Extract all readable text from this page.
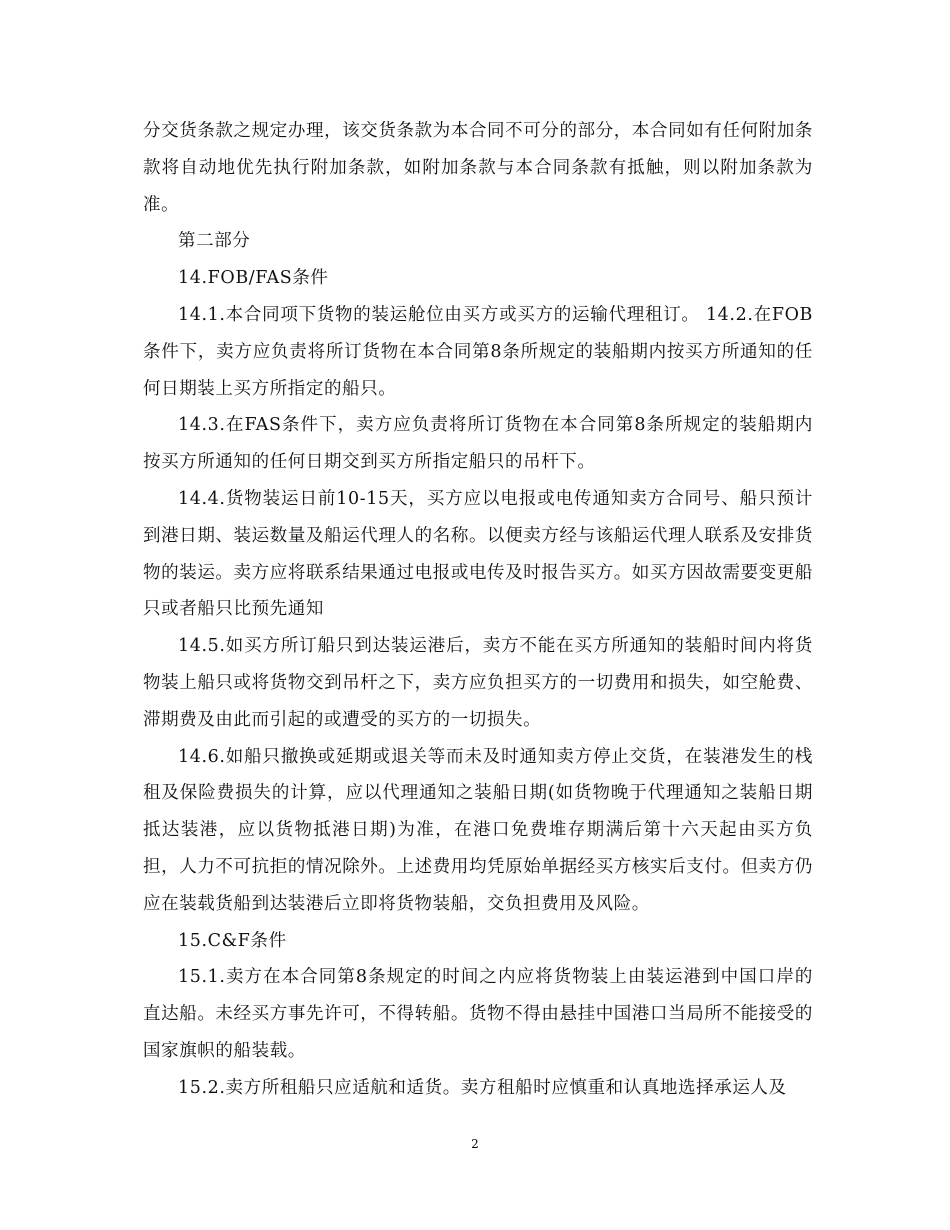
分交货条款之规定办理，该交货条款为本合同不可分的部分，本合同如有任何附加条款将自动地优先执行附加条款，如附加条款与本合同条款有抵触，则以附加条款为准。

第二部分

14.FOB/FAS条件

14.1.本合同项下货物的装运舱位由买方或买方的运输代理租订。 14.2.在FOB条件下，卖方应负责将所订货物在本合同第8条所规定的装船期内按买方所通知的任何日期装上买方所指定的船只。

14.3.在FAS条件下，卖方应负责将所订货物在本合同第8条所规定的装船期内按买方所通知的任何日期交到买方所指定船只的吊杆下。

14.4.货物装运日前10-15天，买方应以电报或电传通知卖方合同号、船只预计到港日期、装运数量及船运代理人的名称。以便卖方经与该船运代理人联系及安排货物的装运。卖方应将联系结果通过电报或电传及时报告买方。如买方因故需要变更船只或者船只比预先通知

14.5.如买方所订船只到达装运港后，卖方不能在买方所通知的装船时间内将货物装上船只或将货物交到吊杆之下，卖方应负担买方的一切费用和损失，如空舱费、滞期费及由此而引起的或遭受的买方的一切损失。

14.6.如船只撤换或延期或退关等而未及时通知卖方停止交货，在装港发生的栈租及保险费损失的计算，应以代理通知之装船日期(如货物晚于代理通知之装船日期抵达装港，应以货物抵港日期)为准，在港口免费堆存期满后第十六天起由买方负担，人力不可抗拒的情况除外。上述费用均凭原始单据经买方核实后支付。但卖方仍应在装载货船到达装港后立即将货物装船，交负担费用及风险。

15.C&F条件

15.1.卖方在本合同第8条规定的时间之内应将货物装上由装运港到中国口岸的直达船。未经买方事先许可，不得转船。货物不得由悬挂中国港口当局所不能接受的国家旗帜的船装载。

15.2.卖方所租船只应适航和适货。卖方租船时应慎重和认真地选择承运人及

2
